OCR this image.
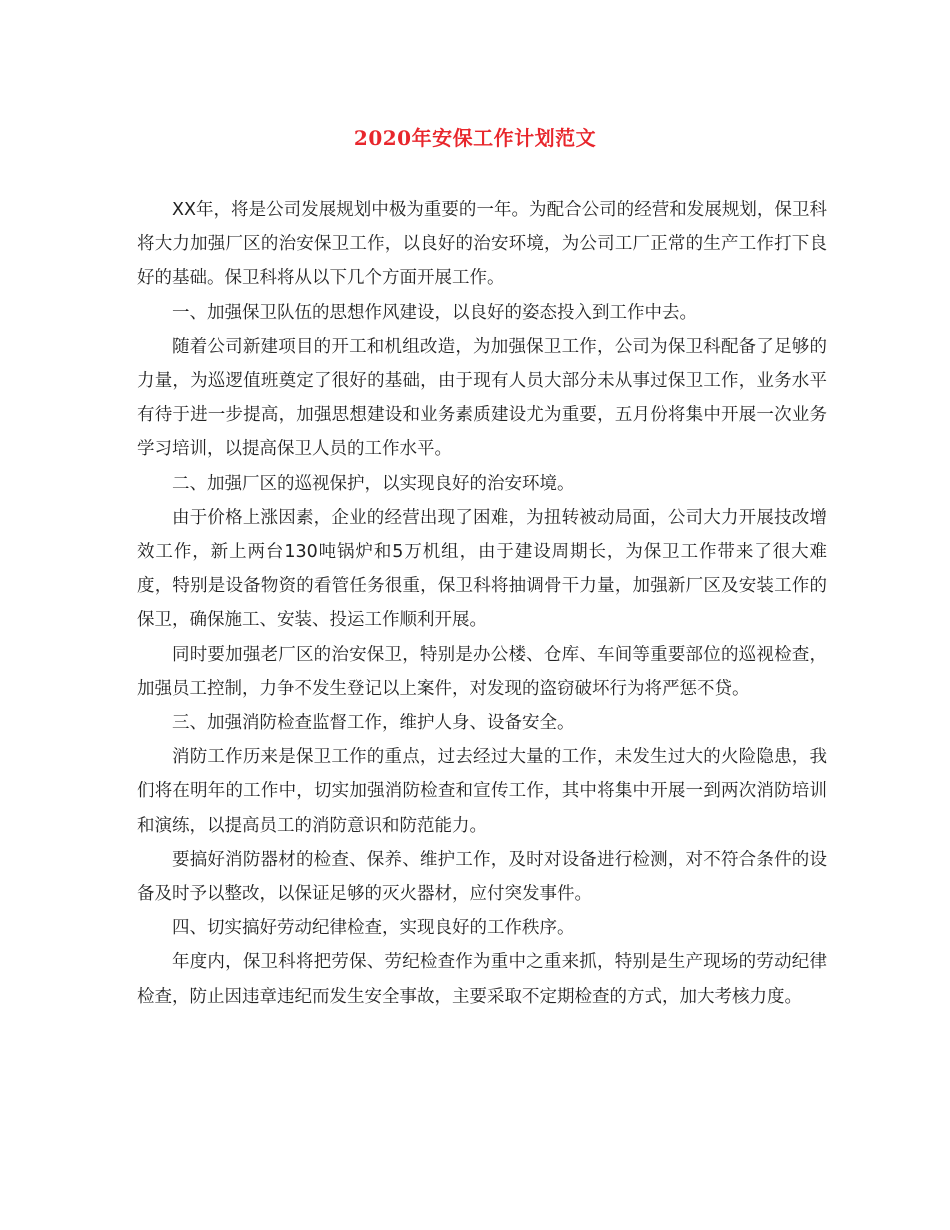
2020年安保工作计划范文

XX年，将是公司发展规划中极为重要的一年。为配合公司的经营和发展规划，保卫科将大力加强厂区的治安保卫工作，以良好的治安环境，为公司工厂正常的生产工作打下良好的基础。保卫科将从以下几个方面开展工作。

一、加强保卫队伍的思想作风建设，以良好的姿态投入到工作中去。

随着公司新建项目的开工和机组改造，为加强保卫工作，公司为保卫科配备了足够的力量，为巡逻值班奠定了很好的基础，由于现有人员大部分未从事过保卫工作，业务水平有待于进一步提高，加强思想建设和业务素质建设尤为重要，五月份将集中开展一次业务学习培训，以提高保卫人员的工作水平。

二、加强厂区的巡视保护，以实现良好的治安环境。

由于价格上涨因素，企业的经营出现了困难，为扭转被动局面，公司大力开展技改增效工作，新上两台130吨锅炉和5万机组，由于建设周期长，为保卫工作带来了很大难度，特别是设备物资的看管任务很重，保卫科将抽调骨干力量，加强新厂区及安装工作的保卫，确保施工、安装、投运工作顺利开展。

同时要加强老厂区的治安保卫，特别是办公楼、仓库、车间等重要部位的巡视检查，加强员工控制，力争不发生登记以上案件，对发现的盗窃破坏行为将严惩不贷。

三、加强消防检查监督工作，维护人身、设备安全。

消防工作历来是保卫工作的重点，过去经过大量的工作，未发生过大的火险隐患，我们将在明年的工作中，切实加强消防检查和宣传工作，其中将集中开展一到两次消防培训和演练，以提高员工的消防意识和防范能力。

要搞好消防器材的检查、保养、维护工作，及时对设备进行检测，对不符合条件的设备及时予以整改，以保证足够的灭火器材，应付突发事件。

四、切实搞好劳动纪律检查，实现良好的工作秩序。

年度内，保卫科将把劳保、劳纪检查作为重中之重来抓，特别是生产现场的劳动纪律检查，防止因违章违纪而发生安全事故，主要采取不定期检查的方式，加大考核力度。
